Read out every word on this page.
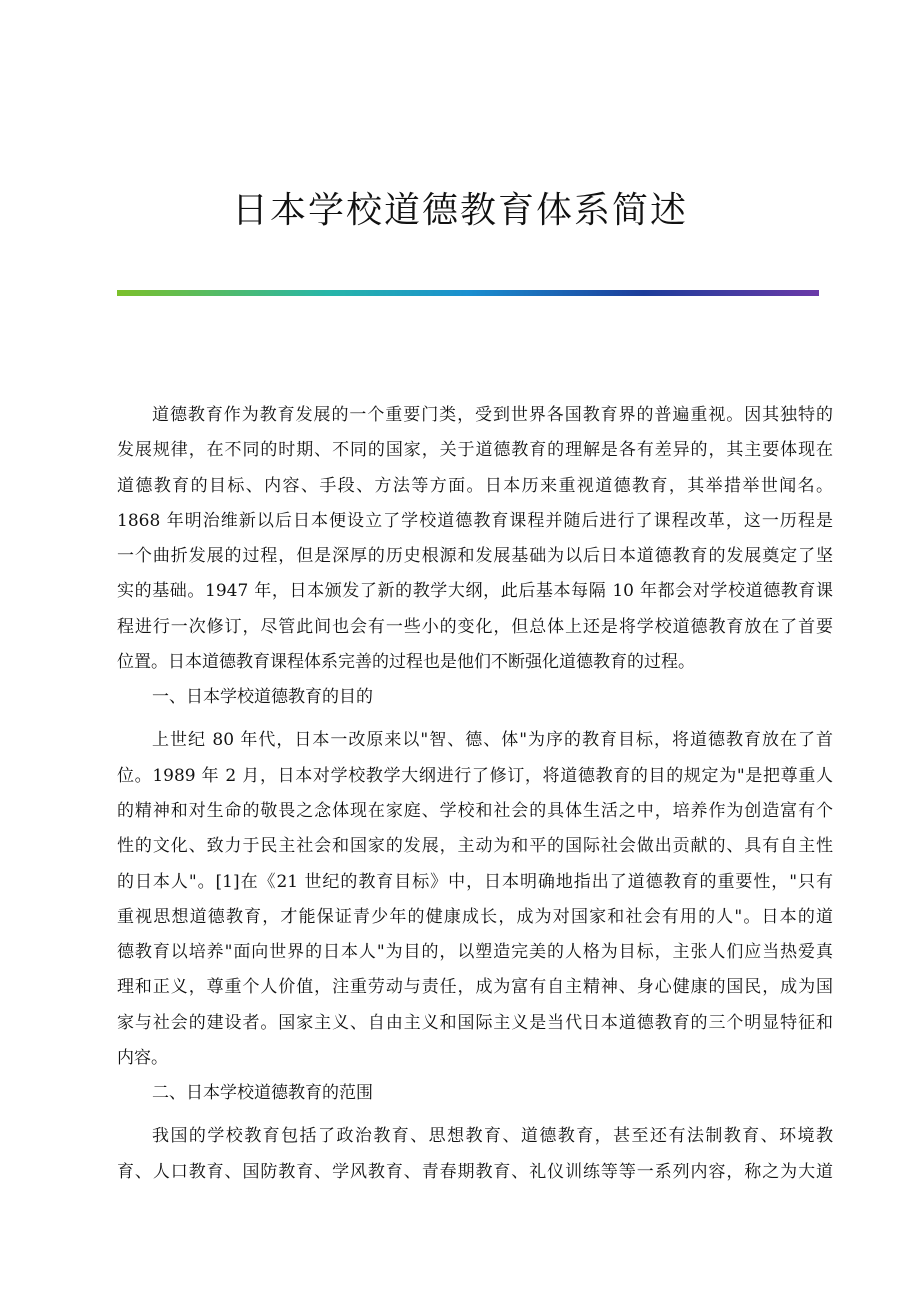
日本学校道德教育体系简述
道德教育作为教育发展的一个重要门类，受到世界各国教育界的普遍重视。因其独特的
发展规律，在不同的时期、不同的国家，关于道德教育的理解是各有差异的，其主要体现在
道德教育的目标、内容、手段、方法等方面。日本历来重视道德教育，其举措举世闻名。
1868 年明治维新以后日本便设立了学校道德教育课程并随后进行了课程改革，这一历程是
一个曲折发展的过程，但是深厚的历史根源和发展基础为以后日本道德教育的发展奠定了坚
实的基础。1947 年，日本颁发了新的教学大纲，此后基本每隔 10 年都会对学校道德教育课
程进行一次修订，尽管此间也会有一些小的变化，但总体上还是将学校道德教育放在了首要
位置。日本道德教育课程体系完善的过程也是他们不断强化道德教育的过程。
一、日本学校道德教育的目的
上世纪 80 年代，日本一改原来以"智、德、体"为序的教育目标，将道德教育放在了首
位。1989 年 2 月，日本对学校教学大纲进行了修订，将道德教育的目的规定为"是把尊重人
的精神和对生命的敬畏之念体现在家庭、学校和社会的具体生活之中，培养作为创造富有个
性的文化、致力于民主社会和国家的发展，主动为和平的国际社会做出贡献的、具有自主性
的日本人"。[1]在《21 世纪的教育目标》中，日本明确地指出了道德教育的重要性，"只有
重视思想道德教育，才能保证青少年的健康成长，成为对国家和社会有用的人"。日本的道
德教育以培养"面向世界的日本人"为目的，以塑造完美的人格为目标，主张人们应当热爱真
理和正义，尊重个人价值，注重劳动与责任，成为富有自主精神、身心健康的国民，成为国
家与社会的建设者。国家主义、自由主义和国际主义是当代日本道德教育的三个明显特征和
内容。
二、日本学校道德教育的范围
我国的学校教育包括了政治教育、思想教育、道德教育，甚至还有法制教育、环境教
育、人口教育、国防教育、学风教育、青春期教育、礼仪训练等等一系列内容，称之为大道
